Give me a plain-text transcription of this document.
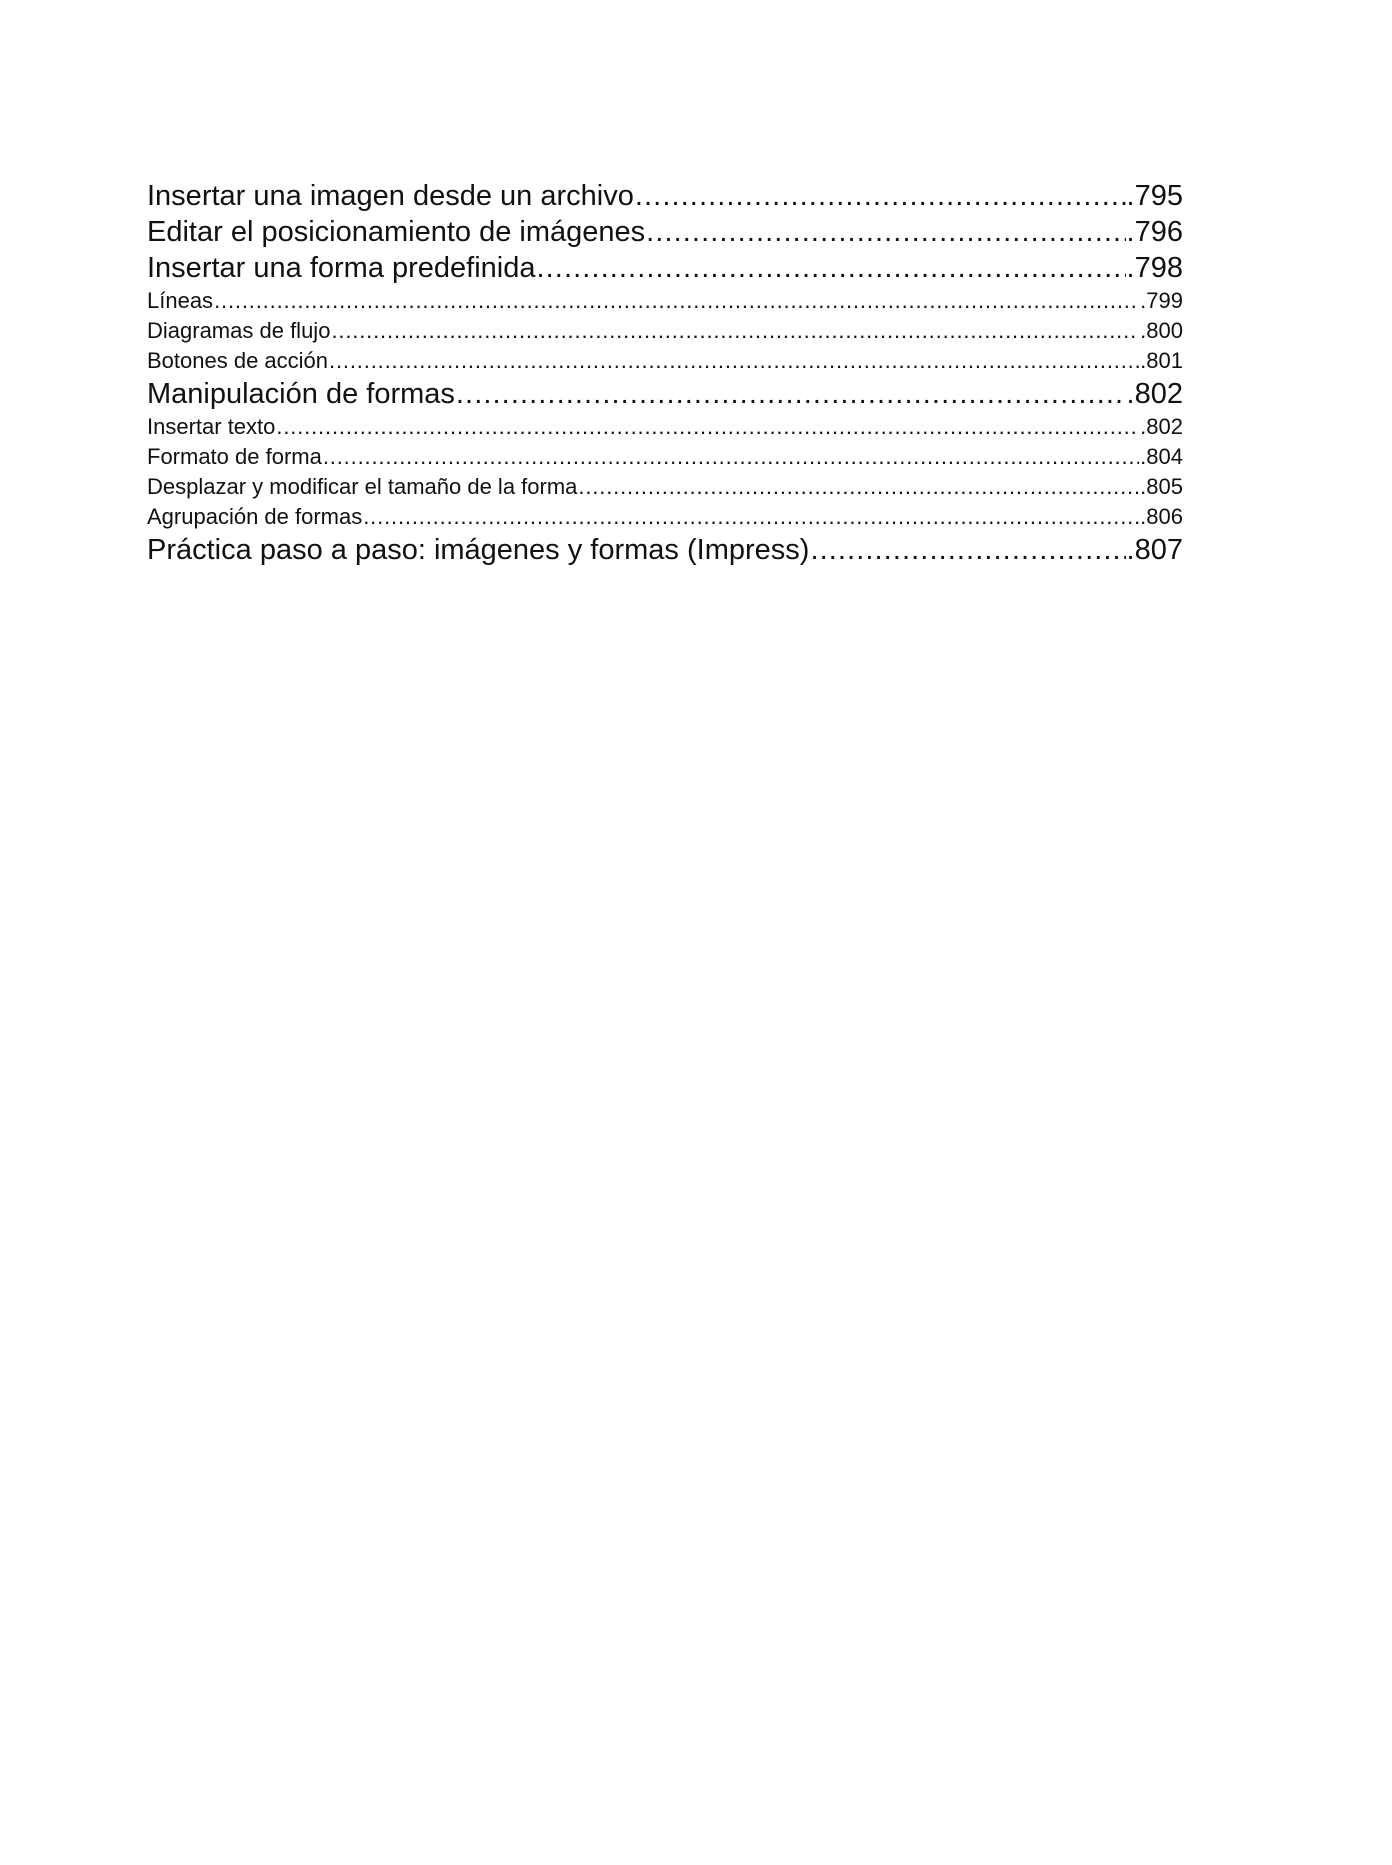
Insertar una imagen desde un archivo . . .	.795
Editar el posicionamiento de imágenes . . .	.796
Insertar una forma predefinida . . .	.798
Líneas . . .	.799
Diagramas de flujo . . .	.800
Botones de acción . . .	.801
Manipulación de formas . . .	.802
Insertar texto . . .	.802
Formato de forma . . .	.804
Desplazar y modificar el tamaño de la forma . . .	.805
Agrupación de formas . . .	.806
Práctica paso a paso: imágenes y formas (Impress) . . .	.807
